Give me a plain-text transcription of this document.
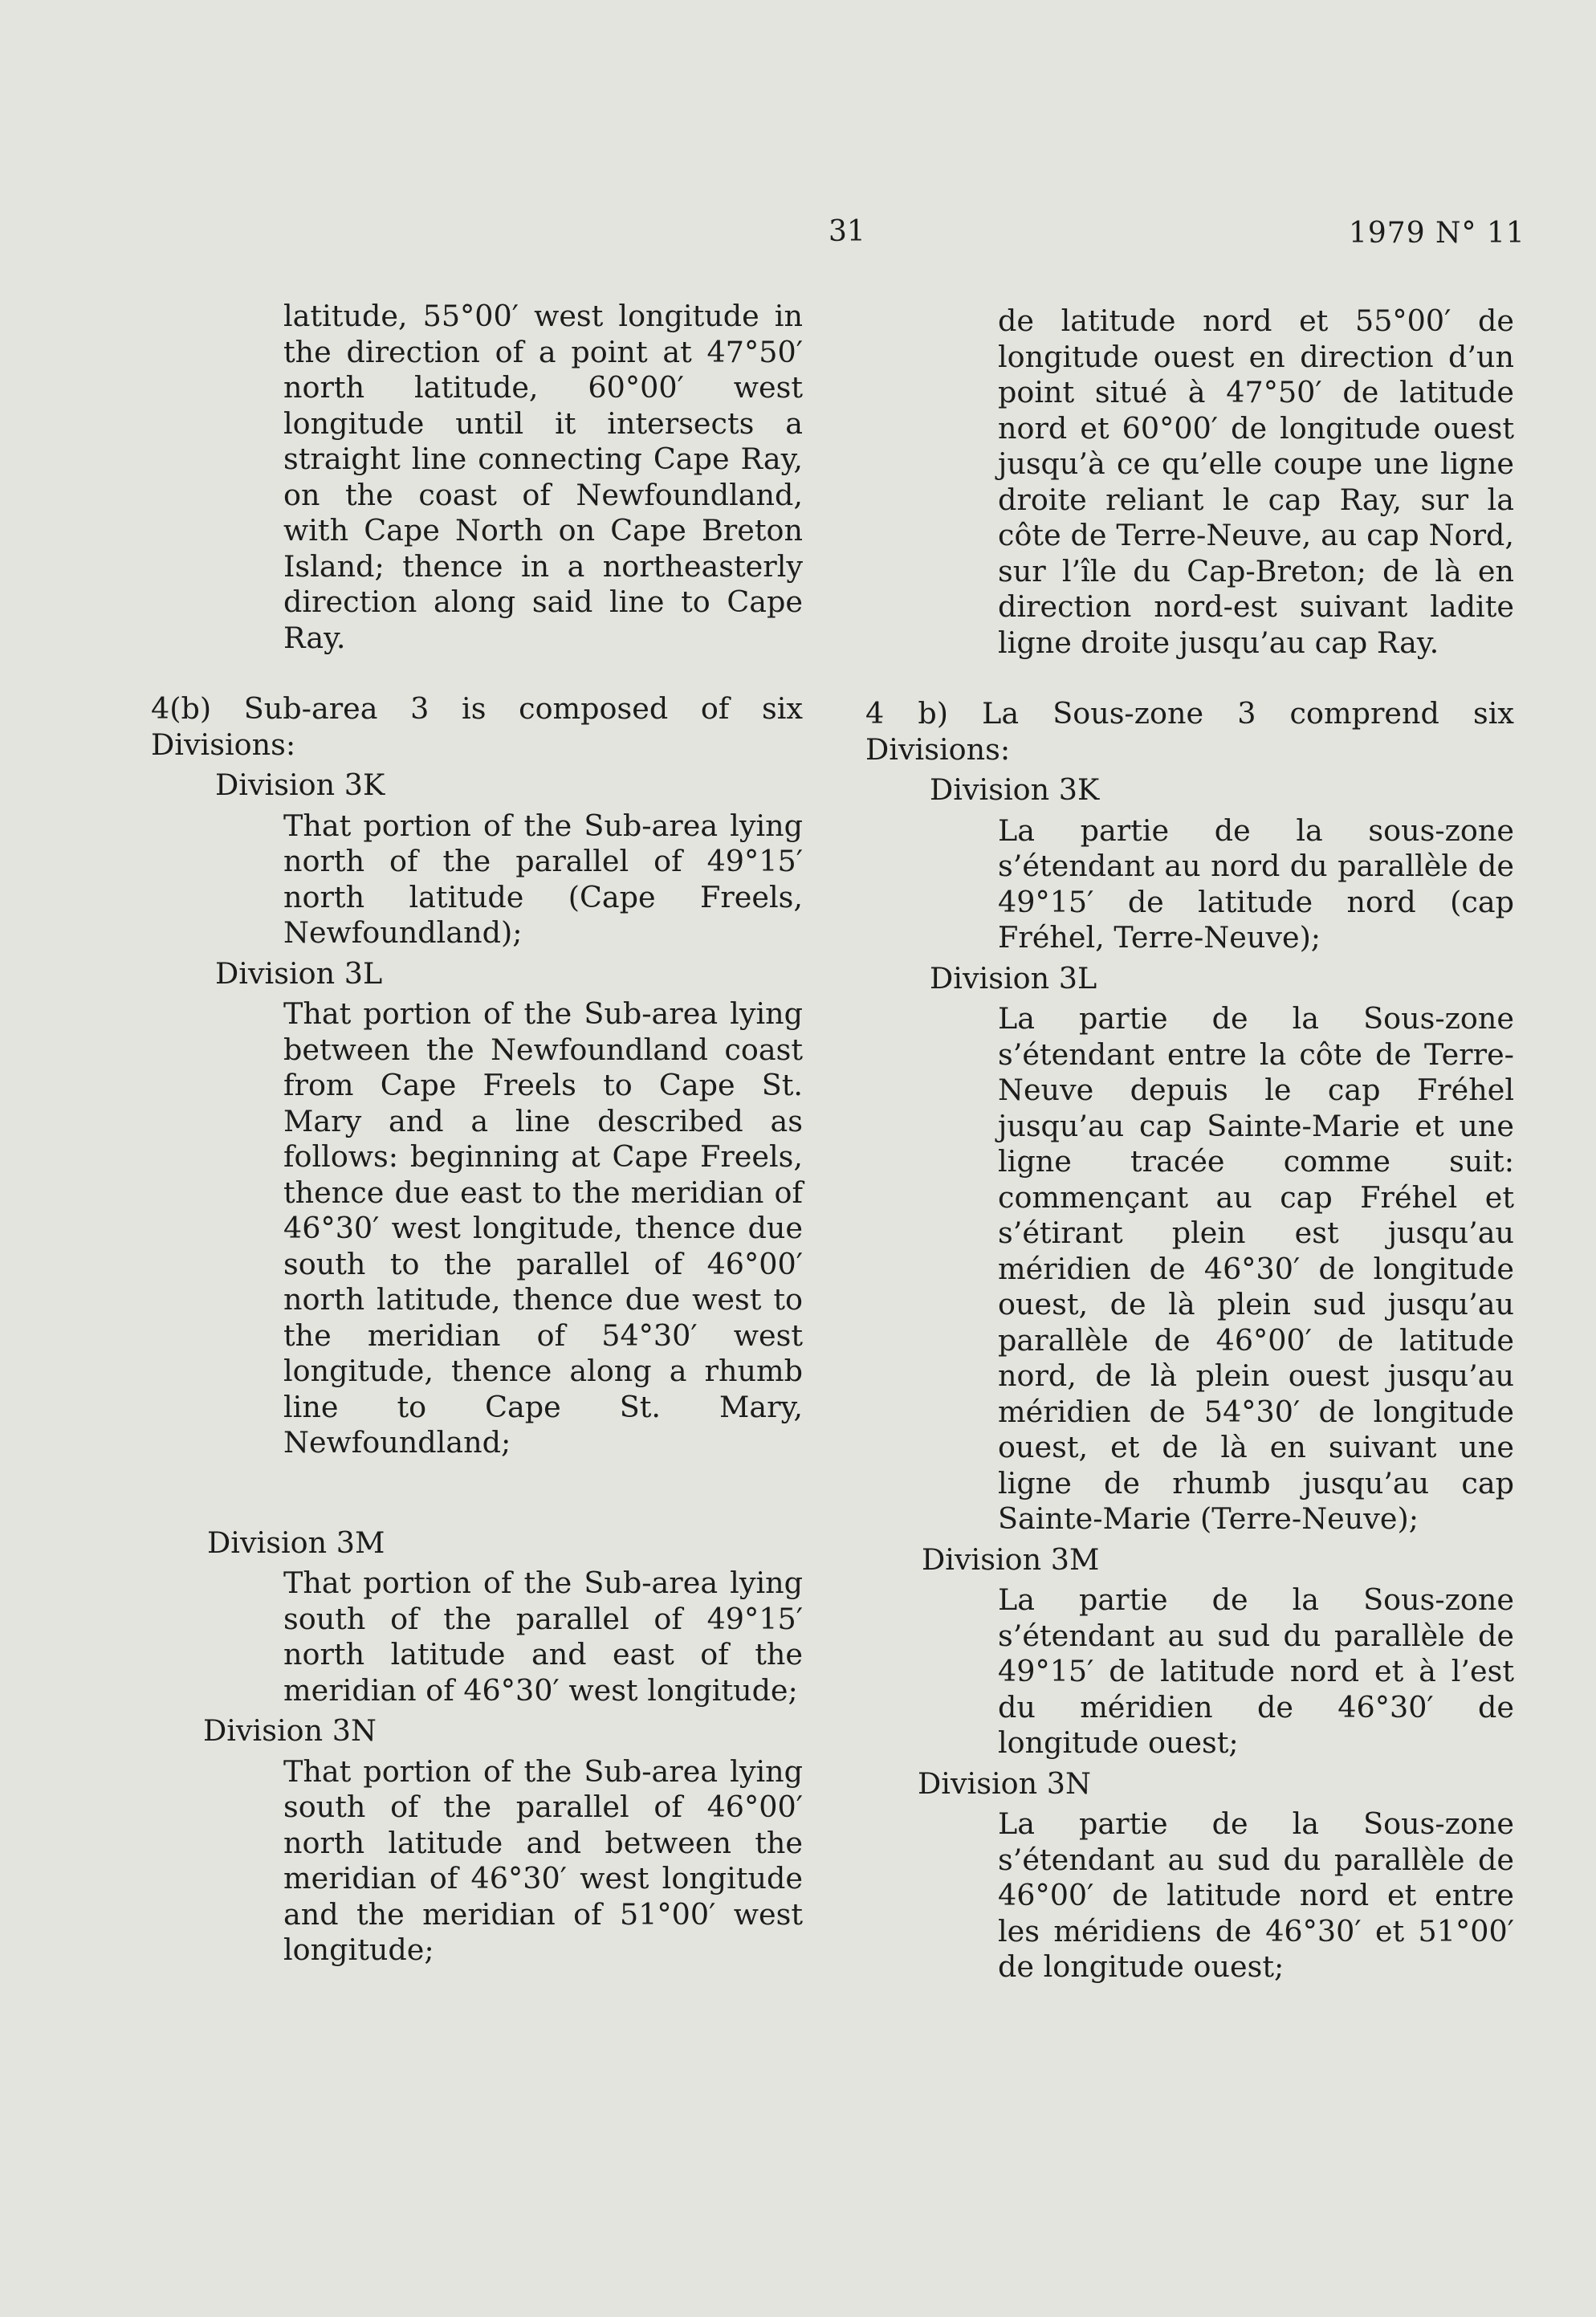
31	1979 N° 11

latitude, 55°00′ west longitude in the direction of a point at 47°50′ north latitude, 60°00′ west longitude until it intersects a straight line connecting Cape Ray, on the coast of Newfoundland, with Cape North on Cape Breton Island; thence in a northeasterly direction along said line to Cape Ray.

4(b) Sub-area 3 is composed of six Divisions:

Division 3K

That portion of the Sub-area lying north of the parallel of 49°15′ north latitude (Cape Freels, Newfoundland);

Division 3L

That portion of the Sub-area lying between the Newfoundland coast from Cape Freels to Cape St. Mary and a line described as follows: beginning at Cape Freels, thence due east to the meridian of 46°30′ west longitude, thence due south to the parallel of 46°00′ north latitude, thence due west to the meridian of 54°30′ west longitude, thence along a rhumb line to Cape St. Mary, Newfoundland;

Division 3M

That portion of the Sub-area lying south of the parallel of 49°15′ north latitude and east of the meridian of 46°30′ west longitude;

Division 3N

That portion of the Sub-area lying south of the parallel of 46°00′ north latitude and between the meridian of 46°30′ west longitude and the meridian of 51°00′ west longitude;

de latitude nord et 55°00′ de longitude ouest en direction d’un point situé à 47°50′ de latitude nord et 60°00′ de longitude ouest jusqu’à ce qu’elle coupe une ligne droite reliant le cap Ray, sur la côte de Terre-Neuve, au cap Nord, sur l’île du Cap-Breton; de là en direction nord-est suivant ladite ligne droite jusqu’au cap Ray.

4 b) La Sous-zone 3 comprend six Divisions:

Division 3K

La partie de la sous-zone s’étendant au nord du parallèle de 49°15′ de latitude nord (cap Fréhel, Terre-Neuve);

Division 3L

La partie de la Sous-zone s’étendant entre la côte de Terre-Neuve depuis le cap Fréhel jusqu’au cap Sainte-Marie et une ligne tracée comme suit: commençant au cap Fréhel et s’étirant plein est jusqu’au méridien de 46°30′ de longitude ouest, de là plein sud jusqu’au parallèle de 46°00′ de latitude nord, de là plein ouest jusqu’au méridien de 54°30′ de longitude ouest, et de là en suivant une ligne de rhumb jusqu’au cap Sainte-Marie (Terre-Neuve);

Division 3M

La partie de la Sous-zone s’étendant au sud du parallèle de 49°15′ de latitude nord et à l’est du méridien de 46°30′ de longitude ouest;

Division 3N

La partie de la Sous-zone s’étendant au sud du parallèle de 46°00′ de latitude nord et entre les méridiens de 46°30′ et 51°00′ de longitude ouest;
